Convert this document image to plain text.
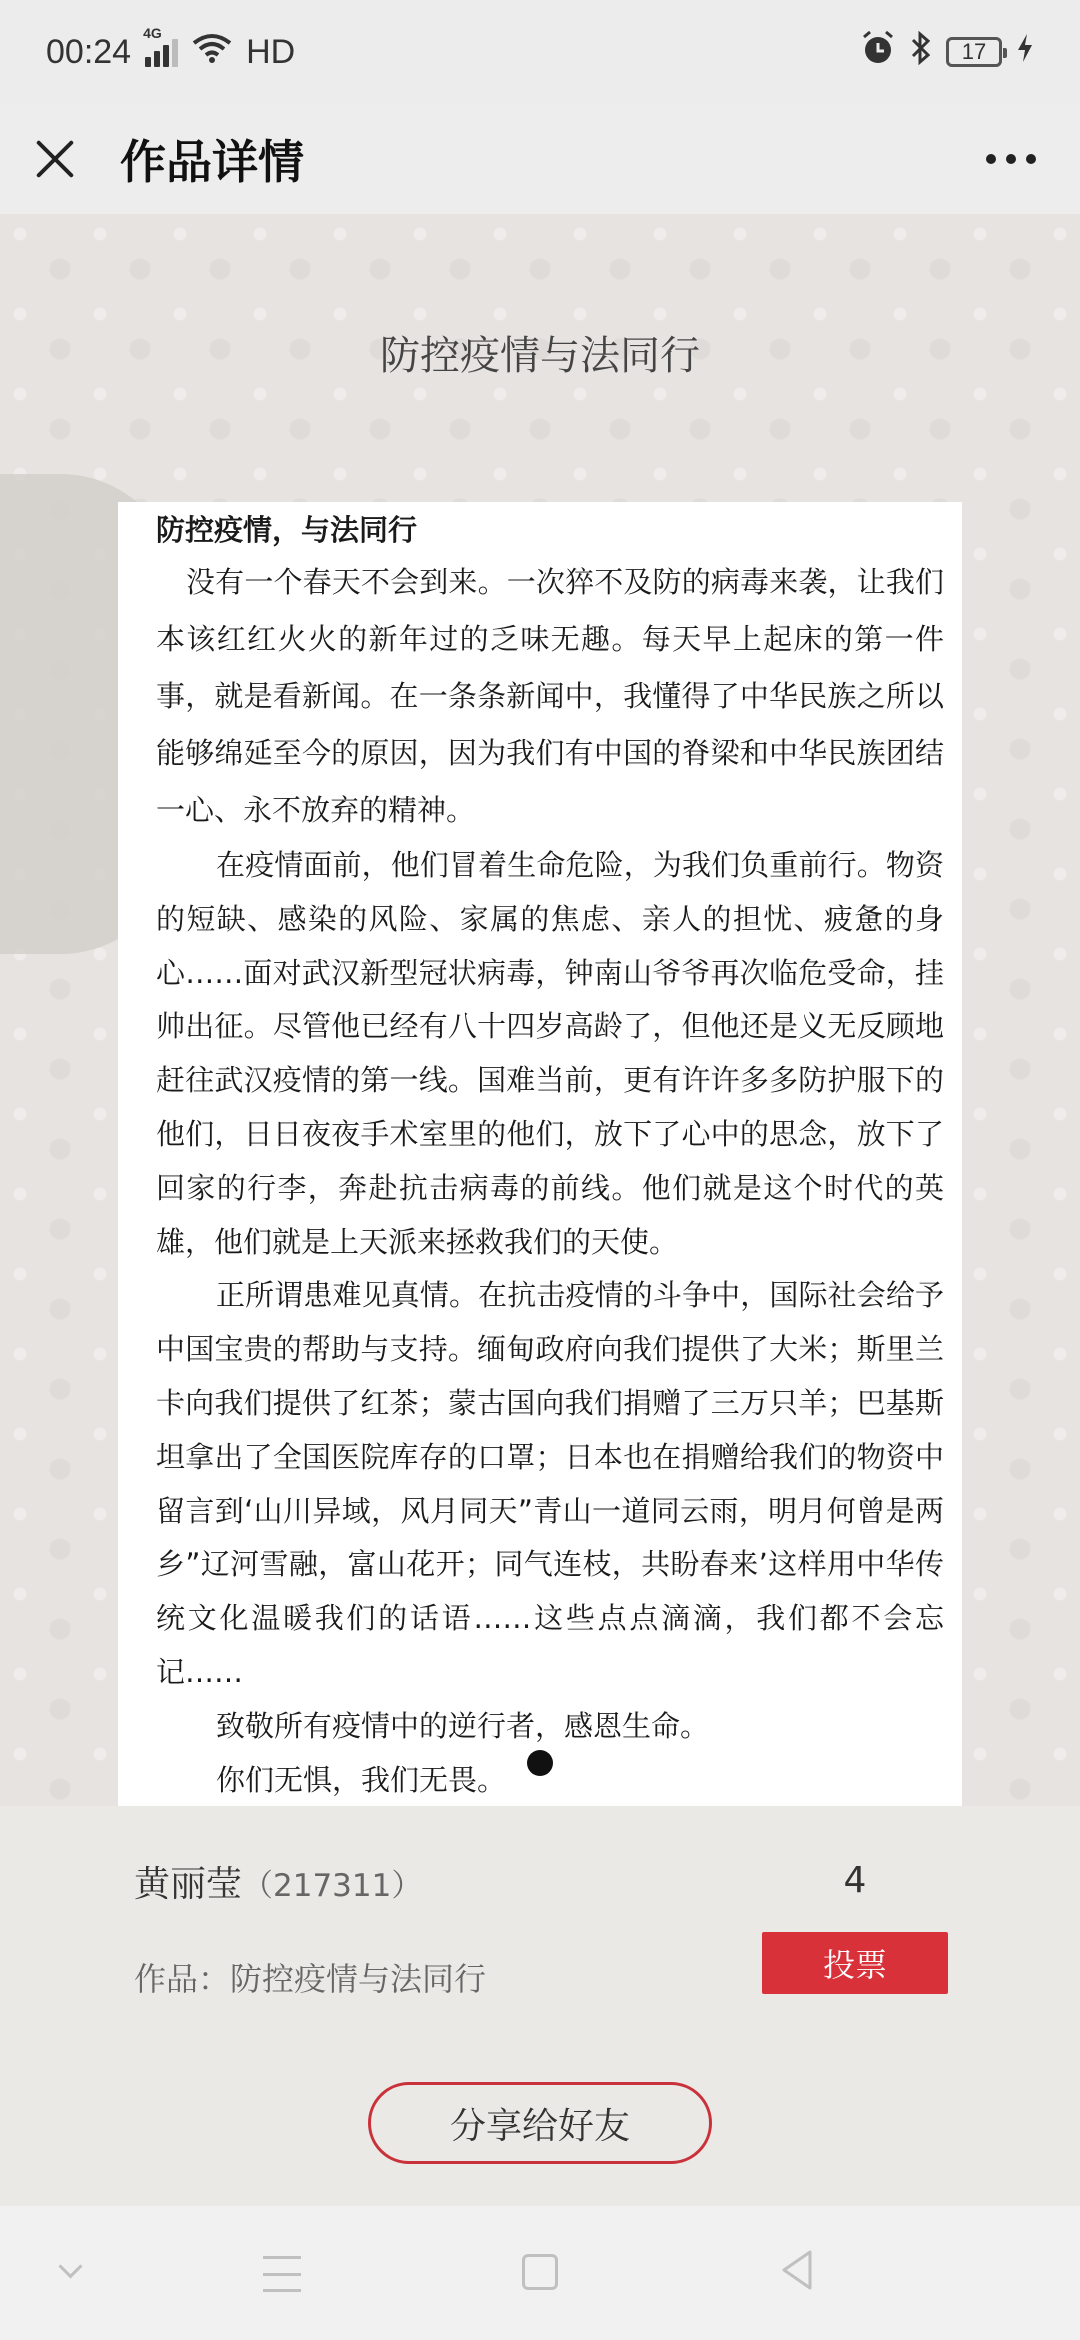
00:24 4G HD	17
作品详情
防控疫情与法同行
防控疫情，与法同行

没有一个春天不会到来。一次猝不及防的病毒来袭，让我们本该红红火火的新年过的乏味无趣。每天早上起床的第一件事，就是看新闻。在一条条新闻中，我懂得了中华民族之所以能够绵延至今的原因，因为我们有中国的脊梁和中华民族团结一心、永不放弃的精神。

在疫情面前，他们冒着生命危险，为我们负重前行。物资的短缺、感染的风险、家属的焦虑、亲人的担忧、疲惫的身心……面对武汉新型冠状病毒，钟南山爷爷再次临危受命，挂帅出征。尽管他已经有八十四岁高龄了，但他还是义无反顾地赶往武汉疫情的第一线。国难当前，更有许许多多防护服下的他们，日日夜夜手术室里的他们，放下了心中的思念，放下了回家的行李，奔赴抗击病毒的前线。他们就是这个时代的英雄，他们就是上天派来拯救我们的天使。

正所谓患难见真情。在抗击疫情的斗争中，国际社会给予中国宝贵的帮助与支持。缅甸政府向我们提供了大米；斯里兰卡向我们提供了红茶；蒙古国向我们捐赠了三万只羊；巴基斯坦拿出了全国医院库存的口罩；日本也在捐赠给我们的物资中留言到‘山川异域，风月同天”青山一道同云雨，明月何曾是两乡”辽河雪融，富山花开；同气连枝，共盼春来’这样用中华传统文化温暖我们的话语……这些点点滴滴，我们都不会忘记……

致敬所有疫情中的逆行者，感恩生命。

你们无惧，我们无畏。

黄丽莹（217311）	4
作品：防控疫情与法同行	投票
分享给好友
